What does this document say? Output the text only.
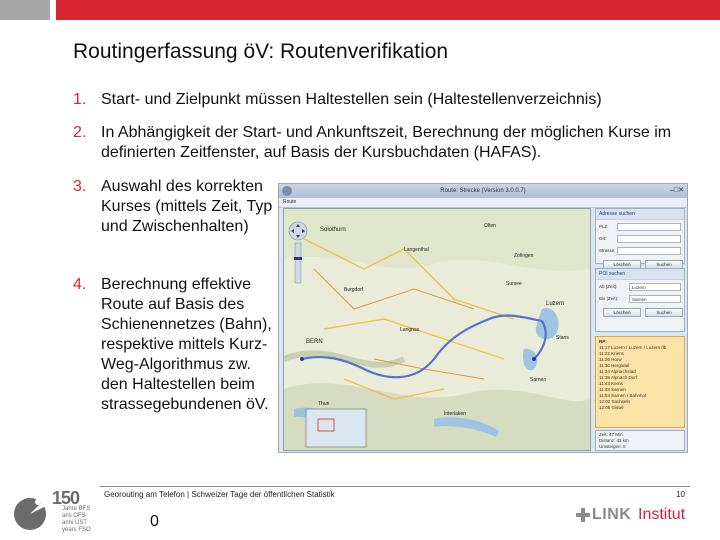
Routingerfassung öV: Routenverifikation
1. Start- und Zielpunkt müssen Haltestellen sein (Haltestellenverzeichnis)
2. In Abhängigkeit der Start- und Ankunftszeit, Berechnung der möglichen Kurse im definierten Zeitfenster, auf Basis der Kursbuchdaten (HAFAS).
3. Auswahl des korrekten Kurses (mittels Zeit, Typ und Zwischenhalten)
4. Berechnung effektive Route auf Basis des Schienennetzes (Bahn), respektive mittels Kurz-Weg-Algorithmus zw. den Haltestellen beim strassegebundenen öV.
Route: Strecke (Version 3.0.0.7)	–□✕
Route
Solothurn
Langenthal
Burgdorf
BERN
Luzern
Stans
Sarnen
Thun
Interlaken
Olten
Zofingen
Sursee
Langnau
Adresse suchen
PLZ:
Ort:
Strasse:
Löschen	Suchen
POI suchen
Ab (Zeit):	Luzern
Bis (Zeit):	Sarnen
Löschen	Suchen
RP:
11:17 Luzern / Luzern / Luzern (lb
11:22 Kriens
11:26 Horw
11:30 Hergiswil
11:34 Alpnachstad
11:38 Alpnach Dorf
11:43 Kerns
11:48 Sarnen
11:53 Sarnen / Bahnhof
12:02 Sachseln
12:05 Giswil
Zeit: 47 Min.
Distanz: 43 km
Umsteigen: 0
Georouting am Telefon | Schweizer Tage der öffentlichen Statistik	10
0
150
Jahre BFS
ans OFS
anni UST
years FSO
LINK Institut
